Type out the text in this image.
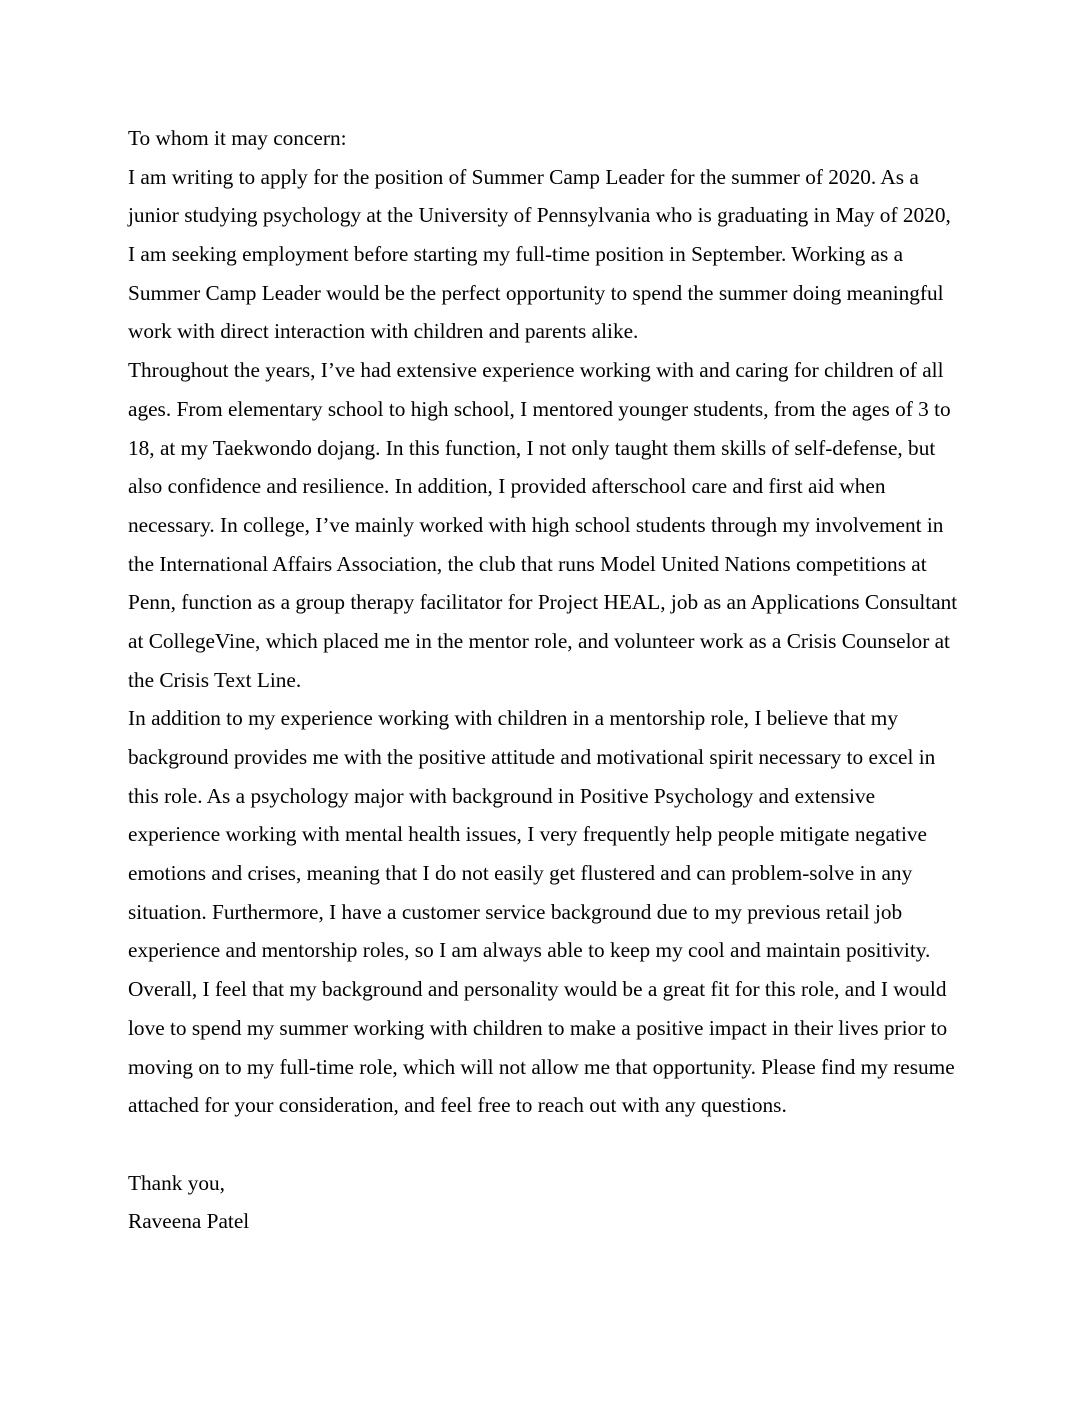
To whom it may concern:
I am writing to apply for the position of Summer Camp Leader for the summer of 2020. As a
junior studying psychology at the University of Pennsylvania who is graduating in May of 2020,
I am seeking employment before starting my full-time position in September. Working as a
Summer Camp Leader would be the perfect opportunity to spend the summer doing meaningful
work with direct interaction with children and parents alike.
Throughout the years, I’ve had extensive experience working with and caring for children of all
ages. From elementary school to high school, I mentored younger students, from the ages of 3 to
18, at my Taekwondo dojang. In this function, I not only taught them skills of self-defense, but
also confidence and resilience. In addition, I provided afterschool care and first aid when
necessary. In college, I’ve mainly worked with high school students through my involvement in
the International Affairs Association, the club that runs Model United Nations competitions at
Penn, function as a group therapy facilitator for Project HEAL, job as an Applications Consultant
at CollegeVine, which placed me in the mentor role, and volunteer work as a Crisis Counselor at
the Crisis Text Line.
In addition to my experience working with children in a mentorship role, I believe that my
background provides me with the positive attitude and motivational spirit necessary to excel in
this role. As a psychology major with background in Positive Psychology and extensive
experience working with mental health issues, I very frequently help people mitigate negative
emotions and crises, meaning that I do not easily get flustered and can problem-solve in any
situation. Furthermore, I have a customer service background due to my previous retail job
experience and mentorship roles, so I am always able to keep my cool and maintain positivity.
Overall, I feel that my background and personality would be a great fit for this role, and I would
love to spend my summer working with children to make a positive impact in their lives prior to
moving on to my full-time role, which will not allow me that opportunity. Please find my resume
attached for your consideration, and feel free to reach out with any questions.
Thank you,
Raveena Patel
